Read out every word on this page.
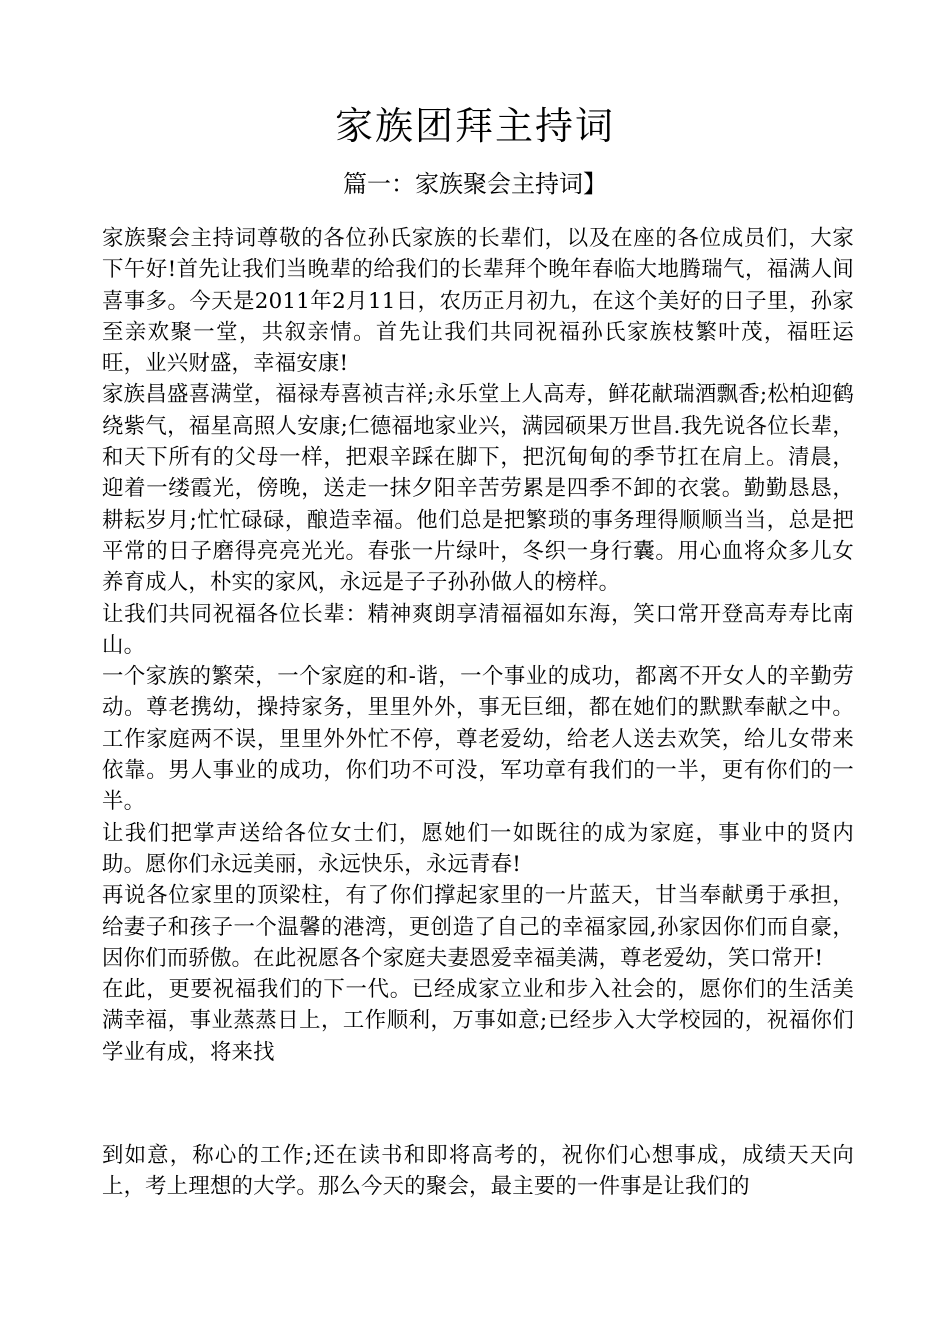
家族团拜主持词
篇一：家族聚会主持词】

家族聚会主持词尊敬的各位孙氏家族的长辈们，以及在座的各位成员们，大家下午好!首先让我们当晚辈的给我们的长辈拜个晚年春临大地腾瑞气，福满人间喜事多。今天是2011年2月11日，农历正月初九，在这个美好的日子里，孙家至亲欢聚一堂，共叙亲情。首先让我们共同祝福孙氏家族枝繁叶茂，福旺运旺，业兴财盛，幸福安康!

家族昌盛喜满堂，福禄寿喜祯吉祥;永乐堂上人高寿，鲜花献瑞酒飘香;松柏迎鹤绕紫气，福星高照人安康;仁德福地家业兴，满园硕果万世昌.我先说各位长辈，和天下所有的父母一样，把艰辛踩在脚下，把沉甸甸的季节扛在肩上。清晨，迎着一缕霞光，傍晚，送走一抹夕阳辛苦劳累是四季不卸的衣裳。勤勤恳恳，耕耘岁月;忙忙碌碌，酿造幸福。他们总是把繁琐的事务理得顺顺当当，总是把平常的日子磨得亮亮光光。春张一片绿叶，冬织一身行囊。用心血将众多儿女养育成人，朴实的家风，永远是子子孙孙做人的榜样。

让我们共同祝福各位长辈：精神爽朗享清福福如东海，笑口常开登高寿寿比南山。

一个家族的繁荣，一个家庭的和-谐，一个事业的成功，都离不开女人的辛勤劳动。尊老携幼，操持家务，里里外外，事无巨细，都在她们的默默奉献之中。工作家庭两不误，里里外外忙不停，尊老爱幼，给老人送去欢笑，给儿女带来依靠。男人事业的成功，你们功不可没，军功章有我们的一半，更有你们的一半。

让我们把掌声送给各位女士们，愿她们一如既往的成为家庭，事业中的贤内助。愿你们永远美丽，永远快乐，永远青春!

再说各位家里的顶梁柱，有了你们撑起家里的一片蓝天，甘当奉献勇于承担，给妻子和孩子一个温馨的港湾，更创造了自己的幸福家园,孙家因你们而自豪，因你们而骄傲。在此祝愿各个家庭夫妻恩爱幸福美满，尊老爱幼，笑口常开!

在此，更要祝福我们的下一代。已经成家立业和步入社会的，愿你们的生活美满幸福，事业蒸蒸日上，工作顺利，万事如意;已经步入大学校园的，祝福你们学业有成，将来找

到如意，称心的工作;还在读书和即将高考的，祝你们心想事成，成绩天天向上，考上理想的大学。那么今天的聚会，最主要的一件事是让我们的
